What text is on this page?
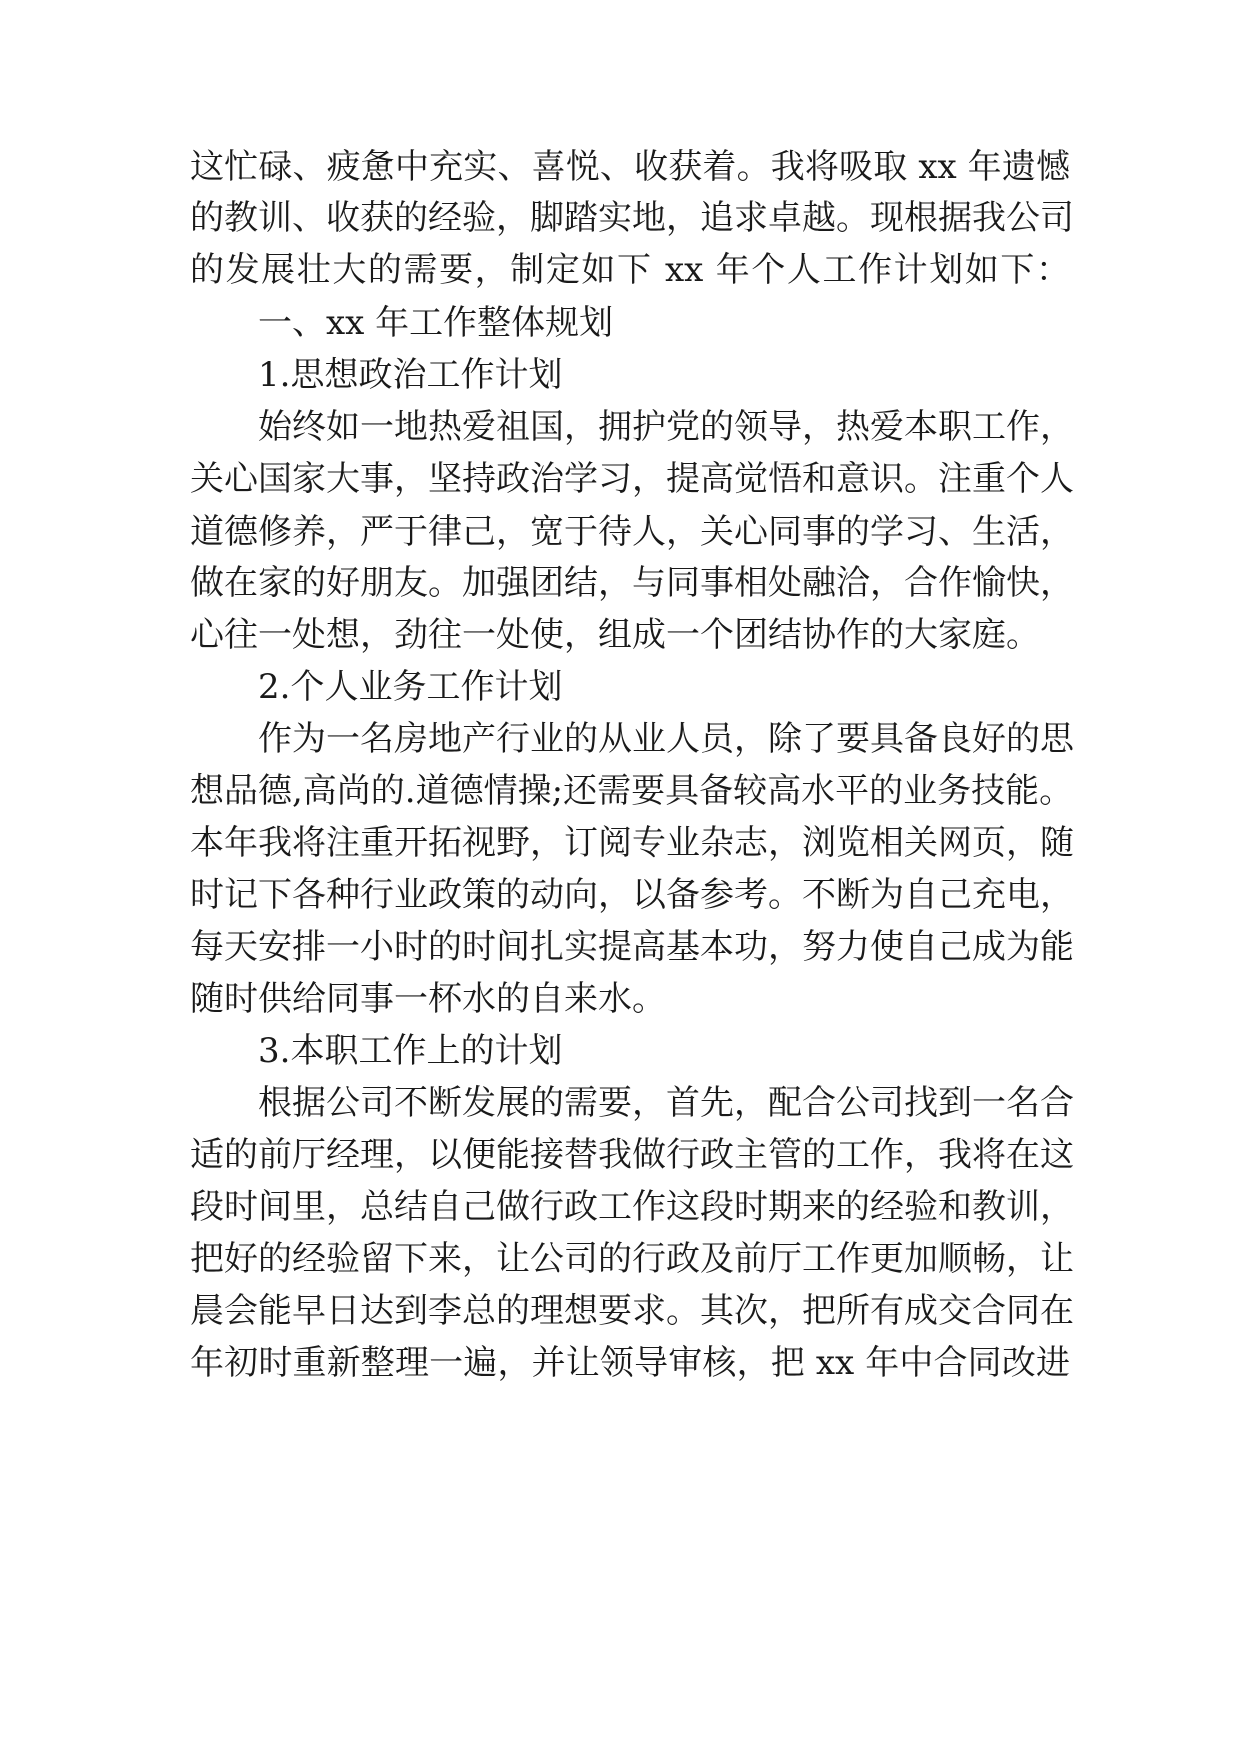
这忙碌、疲惫中充实、喜悦、收获着。我将吸取 xx 年遗憾
的教训、收获的经验，脚踏实地，追求卓越。现根据我公司
的发展壮大的需要，制定如下 xx 年个人工作计划如下：
一、xx 年工作整体规划
1.思想政治工作计划
始终如一地热爱祖国，拥护党的领导，热爱本职工作，
关心国家大事，坚持政治学习，提高觉悟和意识。注重个人
道德修养，严于律己，宽于待人，关心同事的学习、生活，
做在家的好朋友。加强团结，与同事相处融洽，合作愉快，
心往一处想，劲往一处使，组成一个团结协作的大家庭。
2.个人业务工作计划
作为一名房地产行业的从业人员，除了要具备良好的思
想品德,高尚的.道德情操;还需要具备较高水平的业务技能。
本年我将注重开拓视野，订阅专业杂志，浏览相关网页，随
时记下各种行业政策的动向，以备参考。不断为自己充电，
每天安排一小时的时间扎实提高基本功，努力使自己成为能
随时供给同事一杯水的自来水。
3.本职工作上的计划
根据公司不断发展的需要，首先，配合公司找到一名合
适的前厅经理，以便能接替我做行政主管的工作，我将在这
段时间里，总结自己做行政工作这段时期来的经验和教训，
把好的经验留下来，让公司的行政及前厅工作更加顺畅，让
晨会能早日达到李总的理想要求。其次，把所有成交合同在
年初时重新整理一遍，并让领导审核，把 xx 年中合同改进
